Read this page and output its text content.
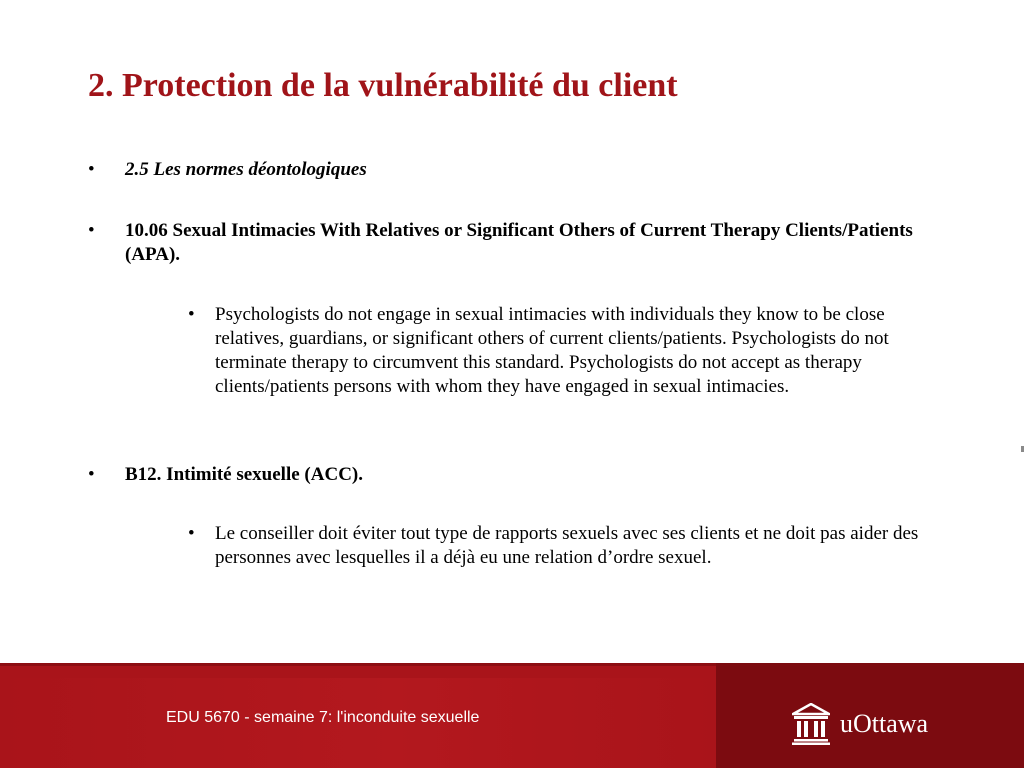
2. Protection de la vulnérabilité du client
• 2.5 Les normes déontologiques
• 10.06 Sexual Intimacies With Relatives or Significant Others of Current Therapy Clients/Patients (APA).
• Psychologists do not engage in sexual intimacies with individuals they know to be close relatives, guardians, or significant others of current clients/patients. Psychologists do not terminate therapy to circumvent this standard. Psychologists do not accept as therapy clients/patients persons with whom they have engaged in sexual intimacies.
• B12. Intimité sexuelle (ACC).
• Le conseiller doit éviter tout type de rapports sexuels avec ses clients et ne doit pas aider des personnes avec lesquelles il a déjà eu une relation d’ordre sexuel.
EDU 5670 - semaine 7: l'inconduite sexuelle	uOttawa
